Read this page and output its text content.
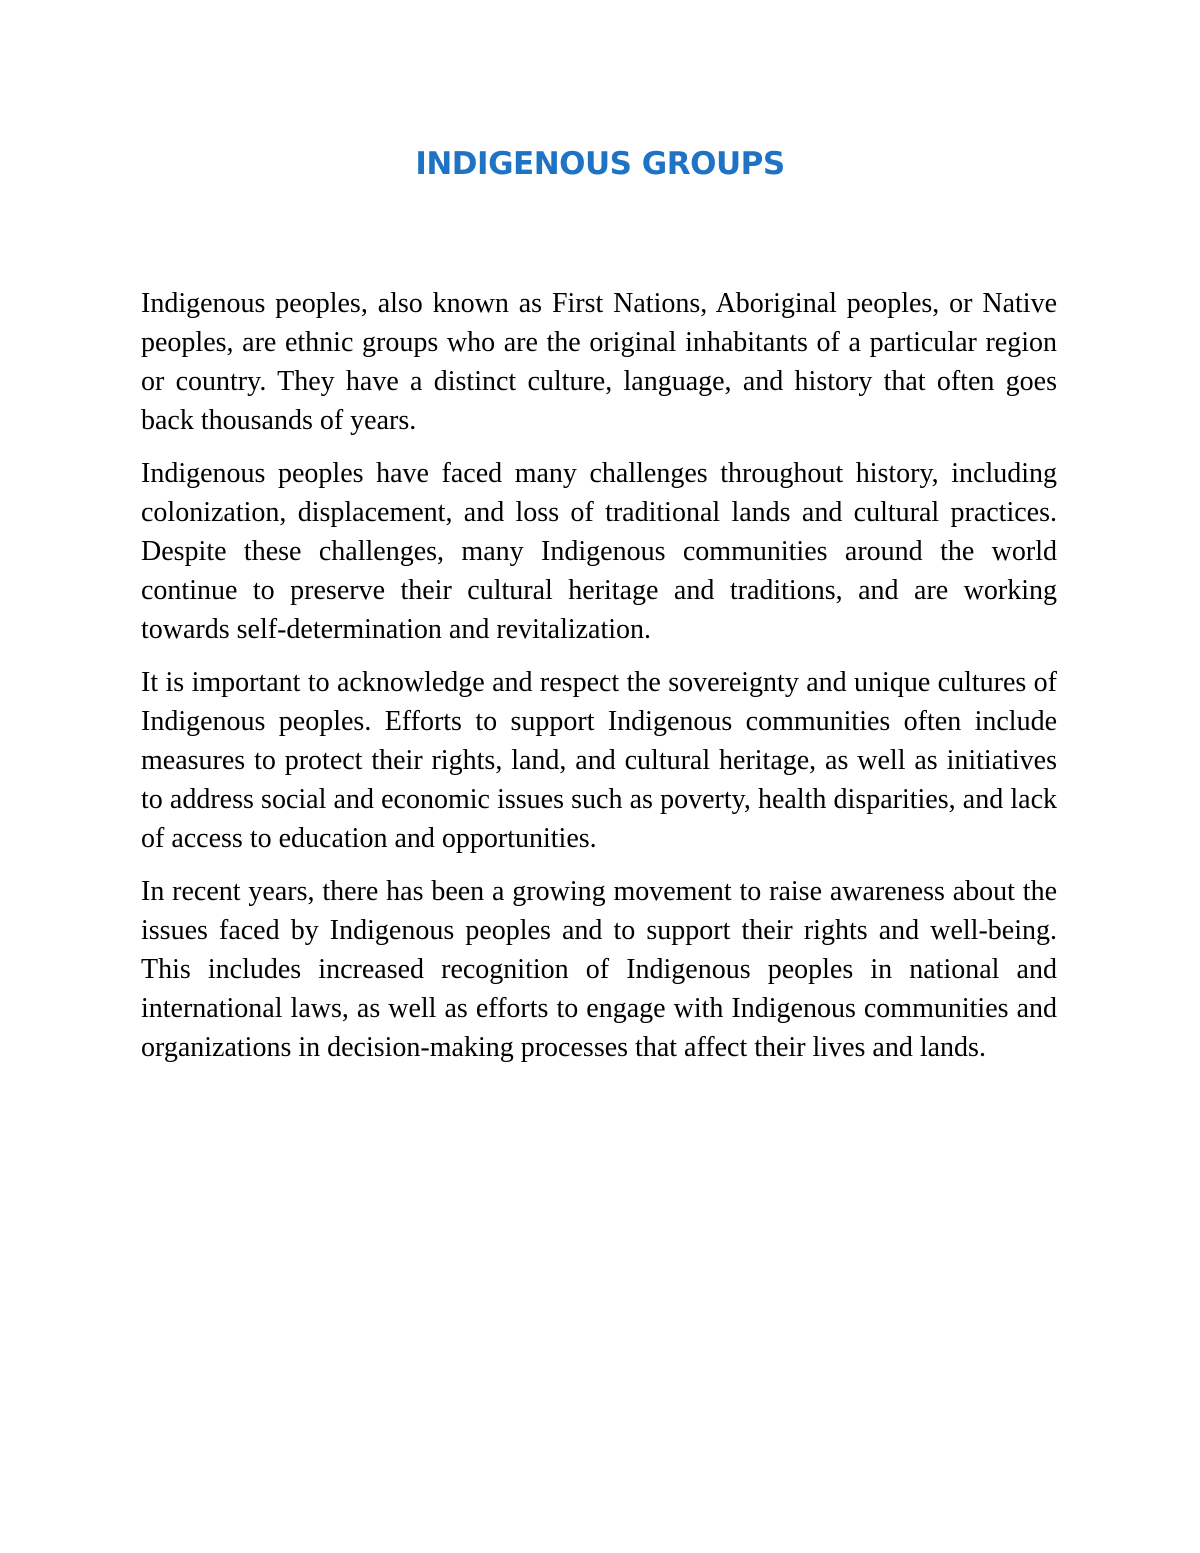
INDIGENOUS GROUPS

Indigenous peoples, also known as First Nations, Aboriginal peoples, or Native peoples, are ethnic groups who are the original inhabitants of a particular region or country. They have a distinct culture, language, and history that often goes back thousands of years.

Indigenous peoples have faced many challenges throughout history, including colonization, displacement, and loss of traditional lands and cultural practices. Despite these challenges, many Indigenous communities around the world continue to preserve their cultural heritage and traditions, and are working towards self-determination and revitalization.

It is important to acknowledge and respect the sovereignty and unique cultures of Indigenous peoples. Efforts to support Indigenous communities often include measures to protect their rights, land, and cultural heritage, as well as initiatives to address social and economic issues such as poverty, health disparities, and lack of access to education and opportunities.

In recent years, there has been a growing movement to raise awareness about the issues faced by Indigenous peoples and to support their rights and well-being. This includes increased recognition of Indigenous peoples in national and international laws, as well as efforts to engage with Indigenous communities and organizations in decision-making processes that affect their lives and lands.
